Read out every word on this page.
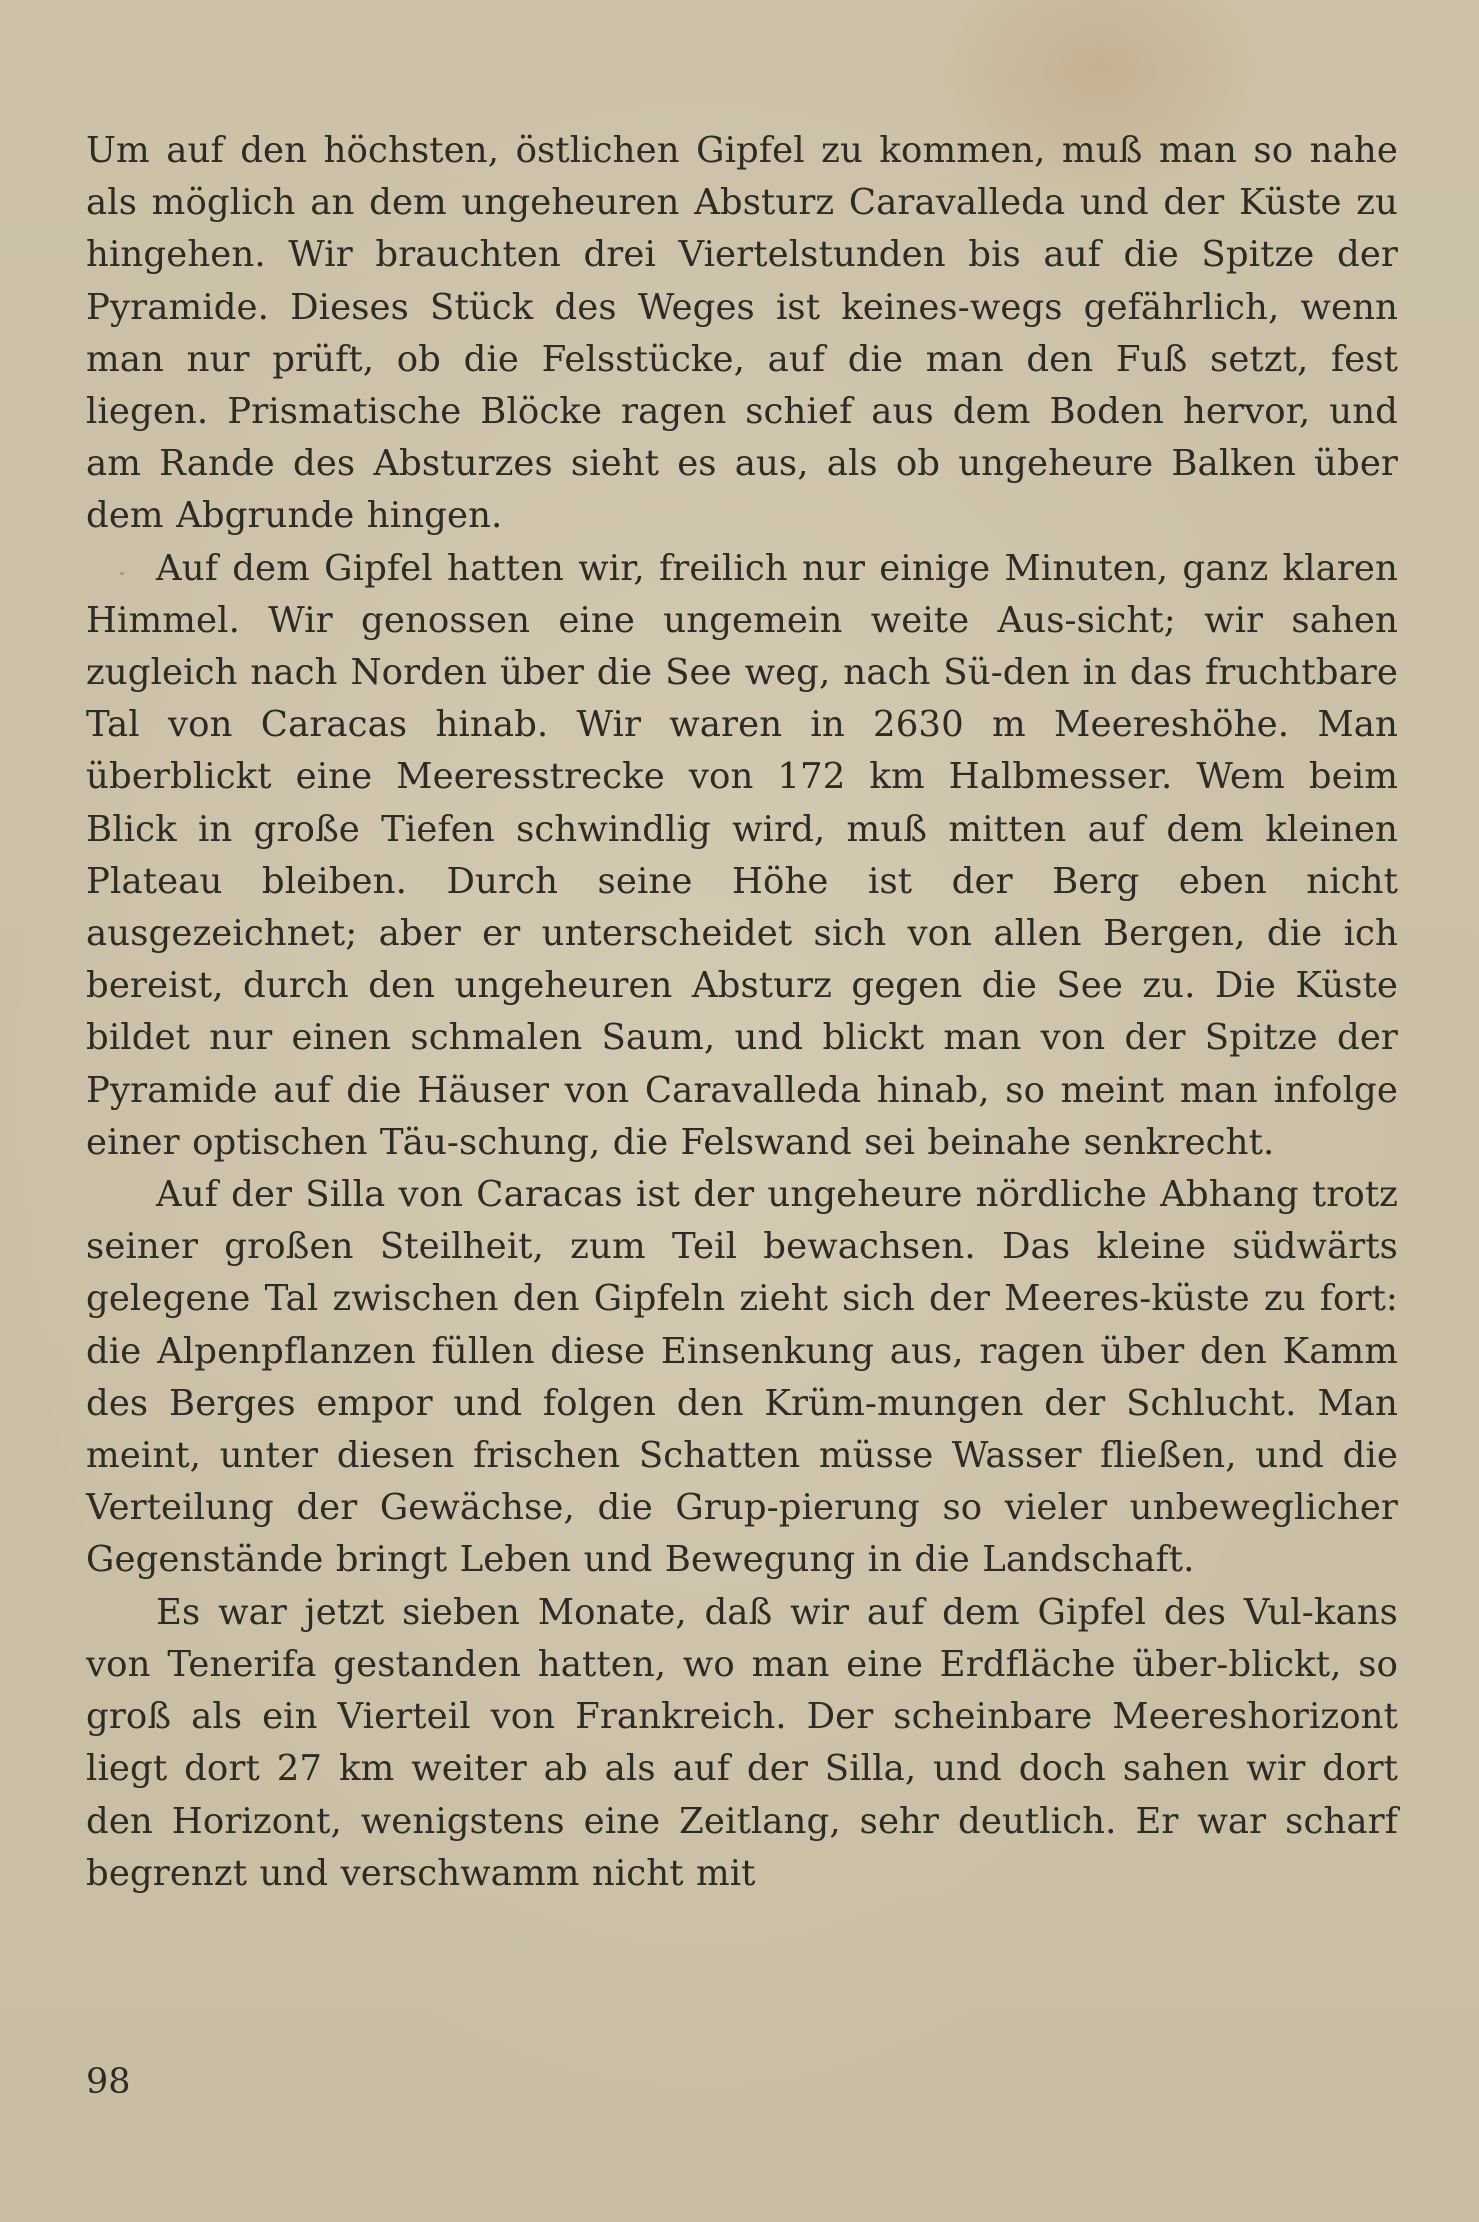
Um auf den höchsten, östlichen Gipfel zu kommen, muß man so nahe als möglich an dem ungeheuren Absturz Caravalleda und der Küste zu hingehen. Wir brauchten drei Viertelstunden bis auf die Spitze der Pyramide. Dieses Stück des Weges ist keines-wegs gefährlich, wenn man nur prüft, ob die Felsstücke, auf die man den Fuß setzt, fest liegen. Prismatische Blöcke ragen schief aus dem Boden hervor, und am Rande des Absturzes sieht es aus, als ob ungeheure Balken über dem Abgrunde hingen.

Auf dem Gipfel hatten wir, freilich nur einige Minuten, ganz klaren Himmel. Wir genossen eine ungemein weite Aus-sicht; wir sahen zugleich nach Norden über die See weg, nach Sü-den in das fruchtbare Tal von Caracas hinab. Wir waren in 2630 m Meereshöhe. Man überblickt eine Meeresstrecke von 172 km Halbmesser. Wem beim Blick in große Tiefen schwindlig wird, muß mitten auf dem kleinen Plateau bleiben. Durch seine Höhe ist der Berg eben nicht ausgezeichnet; aber er unterscheidet sich von allen Bergen, die ich bereist, durch den ungeheuren Absturz gegen die See zu. Die Küste bildet nur einen schmalen Saum, und blickt man von der Spitze der Pyramide auf die Häuser von Caravalleda hinab, so meint man infolge einer optischen Täu-schung, die Felswand sei beinahe senkrecht.

Auf der Silla von Caracas ist der ungeheure nördliche Abhang trotz seiner großen Steilheit, zum Teil bewachsen. Das kleine südwärts gelegene Tal zwischen den Gipfeln zieht sich der Meeres-küste zu fort: die Alpenpflanzen füllen diese Einsenkung aus, ragen über den Kamm des Berges empor und folgen den Krüm-mungen der Schlucht. Man meint, unter diesen frischen Schatten müsse Wasser fließen, und die Verteilung der Gewächse, die Grup-pierung so vieler unbeweglicher Gegenstände bringt Leben und Bewegung in die Landschaft.

Es war jetzt sieben Monate, daß wir auf dem Gipfel des Vul-kans von Tenerifa gestanden hatten, wo man eine Erdfläche über-blickt, so groß als ein Vierteil von Frankreich. Der scheinbare Meereshorizont liegt dort 27 km weiter ab als auf der Silla, und doch sahen wir dort den Horizont, wenigstens eine Zeitlang, sehr deutlich. Er war scharf begrenzt und verschwamm nicht mit

98
